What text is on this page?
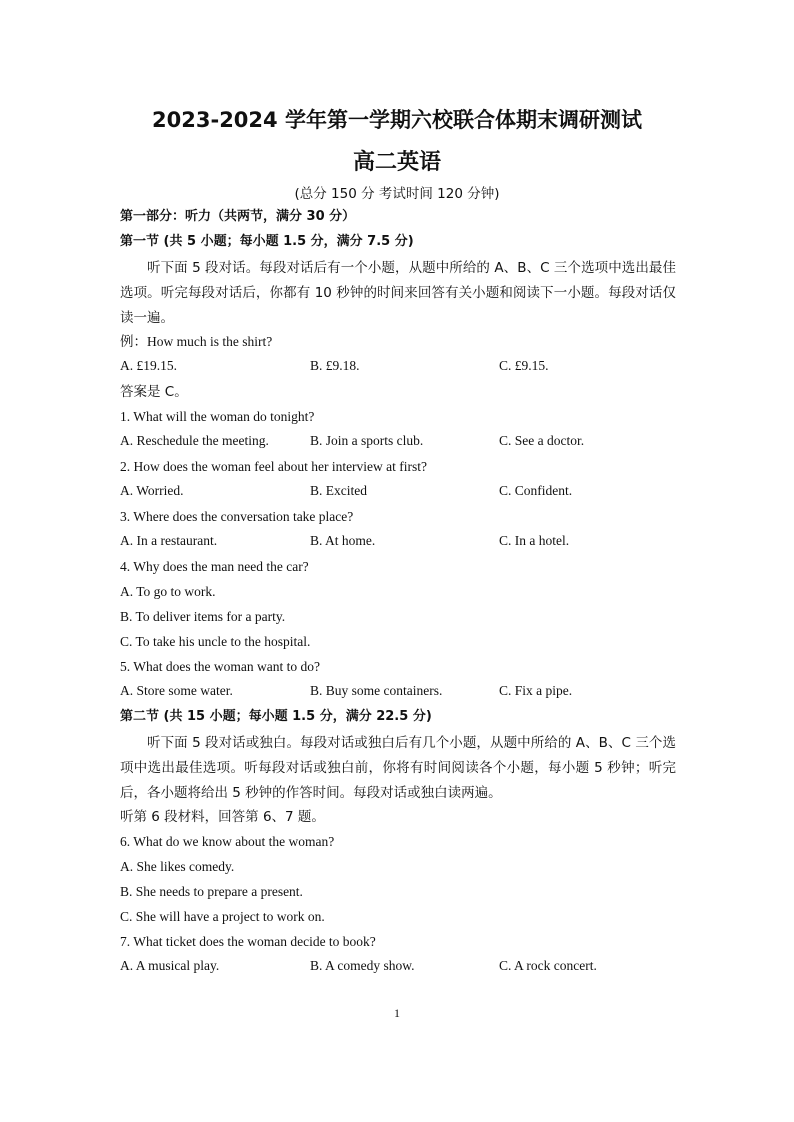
2023-2024 学年第一学期六校联合体期末调研测试
高二英语
(总分 150 分 考试时间 120 分钟)
第一部分：听力（共两节，满分 30 分）
第一节 (共 5 小题；每小题 1.5 分，满分 7.5 分)
听下面 5 段对话。每段对话后有一个小题，从题中所给的 A、B、C 三个选项中选出最佳选项。听完每段对话后，你都有 10 秒钟的时间来回答有关小题和阅读下一小题。每段对话仅读一遍。
例：How much is the shirt?
A. £19.15.	B. £9.18.	C. £9.15.
答案是 C。
1. What will the woman do tonight?
A. Reschedule the meeting.	B. Join a sports club.	C. See a doctor.
2. How does the woman feel about her interview at first?
A. Worried.	B. Excited	C. Confident.
3. Where does the conversation take place?
A. In a restaurant.	B. At home.	C. In a hotel.
4. Why does the man need the car?
A. To go to work.
B. To deliver items for a party.
C. To take his uncle to the hospital.
5. What does the woman want to do?
A. Store some water.	B. Buy some containers.	C. Fix a pipe.
第二节 (共 15 小题；每小题 1.5 分，满分 22.5 分)
听下面 5 段对话或独白。每段对话或独白后有几个小题，从题中所给的 A、B、C 三个选项中选出最佳选项。听每段对话或独白前，你将有时间阅读各个小题，每小题 5 秒钟；听完后，各小题将给出 5 秒钟的作答时间。每段对话或独白读两遍。
听第 6 段材料，回答第 6、7 题。
6. What do we know about the woman?
A. She likes comedy.
B. She needs to prepare a present.
C. She will have a project to work on.
7. What ticket does the woman decide to book?
A. A musical play.	B. A comedy show.	C. A rock concert.
1
